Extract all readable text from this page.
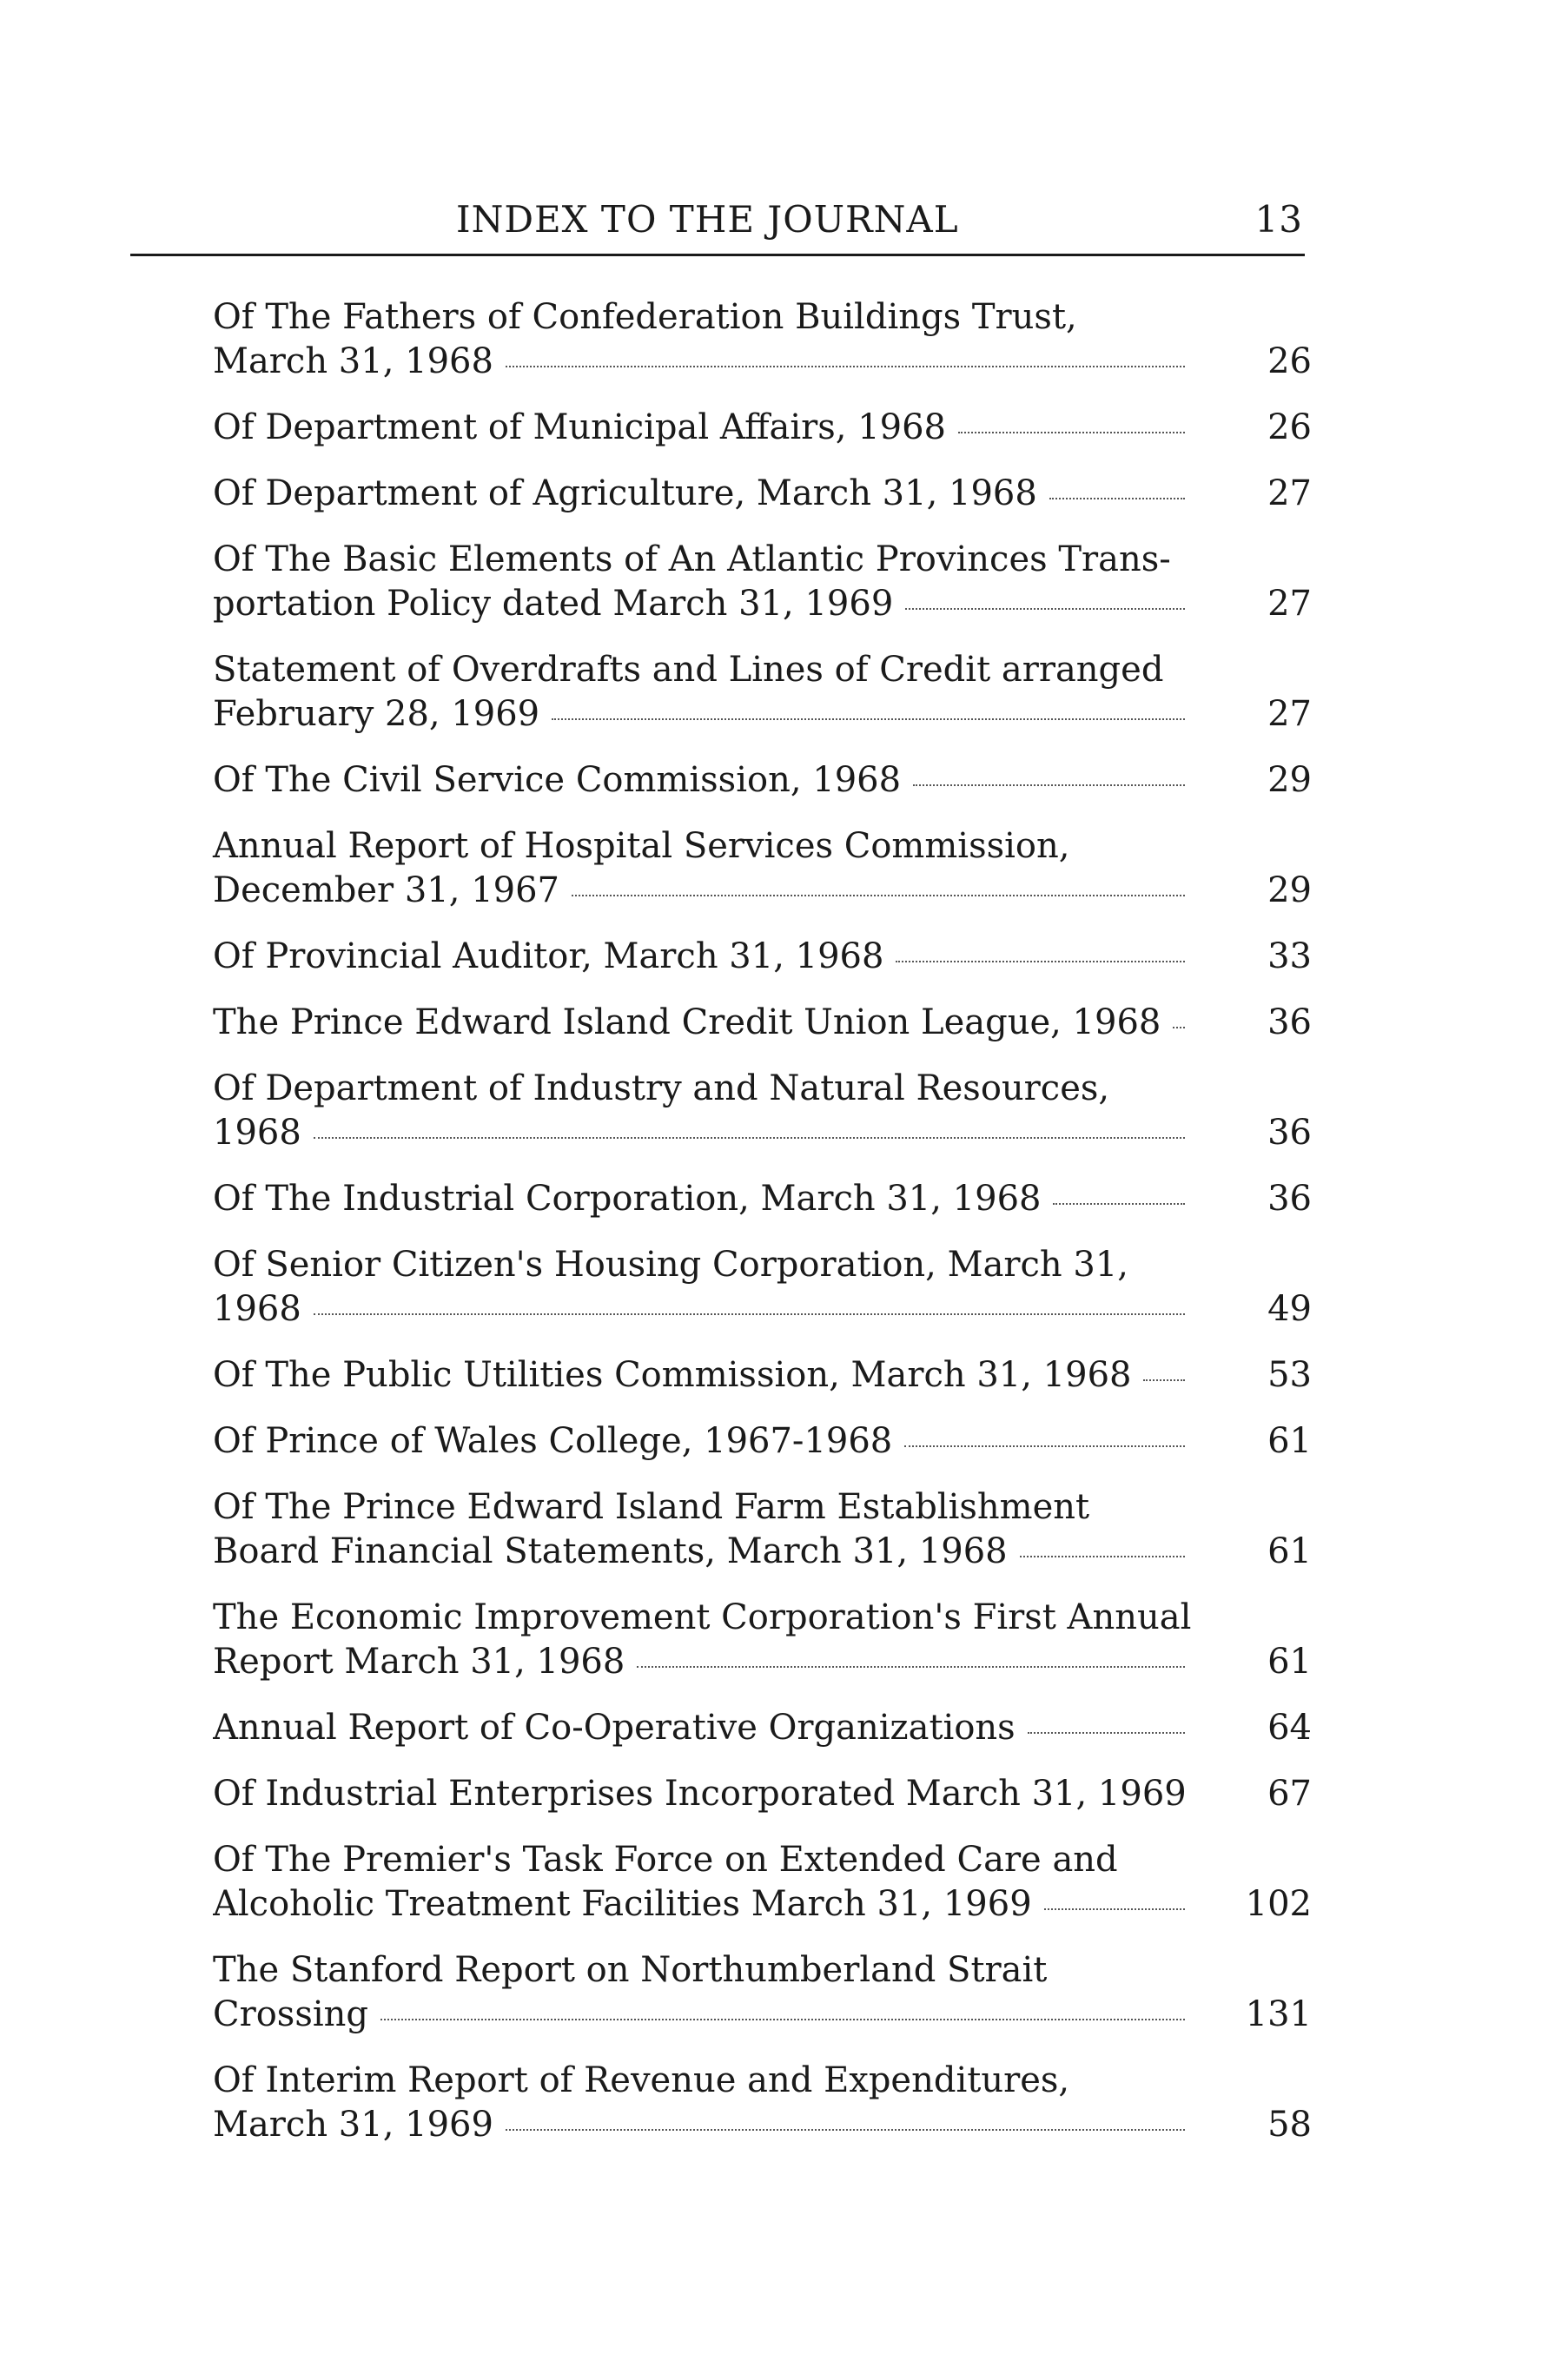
INDEX TO THE JOURNAL	13
Of The Fathers of Confederation Buildings Trust,
March 31, 1968	26
Of Department of Municipal Affairs, 1968	26
Of Department of Agriculture, March 31, 1968	27
Of The Basic Elements of An Atlantic Provinces Trans-
portation Policy dated March 31, 1969	27
Statement of Overdrafts and Lines of Credit arranged
February 28, 1969	27
Of The Civil Service Commission, 1968	29
Annual Report of Hospital Services Commission,
December 31, 1967	29
Of Provincial Auditor, March 31, 1968	33
The Prince Edward Island Credit Union League, 1968	36
Of Department of Industry and Natural Resources,
1968	36
Of The Industrial Corporation, March 31, 1968	36
Of Senior Citizen's Housing Corporation, March 31,
1968	49
Of The Public Utilities Commission, March 31, 1968	53
Of Prince of Wales College, 1967-1968	61
Of The Prince Edward Island Farm Establishment
Board Financial Statements, March 31, 1968	61
The Economic Improvement Corporation's First Annual
Report March 31, 1968	61
Annual Report of Co-Operative Organizations	64
Of Industrial Enterprises Incorporated March 31, 1969	67
Of The Premier's Task Force on Extended Care and
Alcoholic Treatment Facilities March 31, 1969	102
The Stanford Report on Northumberland Strait
Crossing	131
Of Interim Report of Revenue and Expenditures,
March 31, 1969	58
